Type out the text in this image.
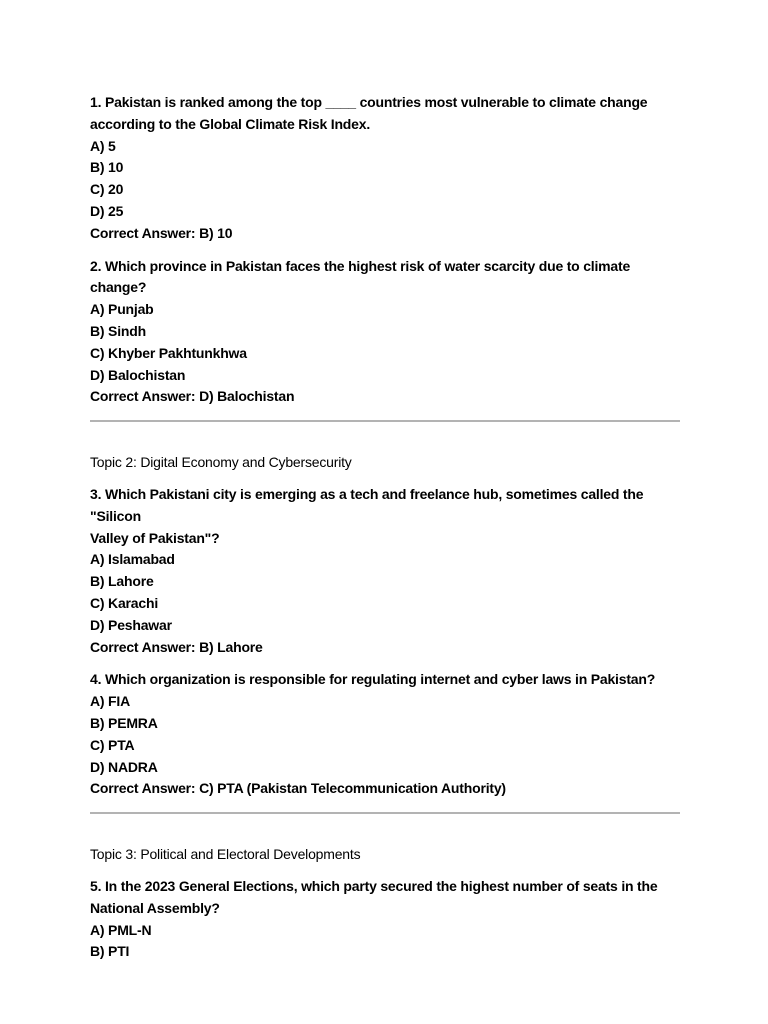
1. Pakistan is ranked among the top ____ countries most vulnerable to climate change
according to the Global Climate Risk Index.
A) 5
B) 10
C) 20
D) 25
Correct Answer: B) 10
2. Which province in Pakistan faces the highest risk of water scarcity due to climate change?
A) Punjab
B) Sindh
C) Khyber Pakhtunkhwa
D) Balochistan
Correct Answer: D) Balochistan
Topic 2: Digital Economy and Cybersecurity
3. Which Pakistani city is emerging as a tech and freelance hub, sometimes called the "Silicon
Valley of Pakistan"?
A) Islamabad
B) Lahore
C) Karachi
D) Peshawar
Correct Answer: B) Lahore
4. Which organization is responsible for regulating internet and cyber laws in Pakistan?
A) FIA
B) PEMRA
C) PTA
D) NADRA
Correct Answer: C) PTA (Pakistan Telecommunication Authority)
Topic 3: Political and Electoral Developments
5. In the 2023 General Elections, which party secured the highest number of seats in the
National Assembly?
A) PML-N
B) PTI
